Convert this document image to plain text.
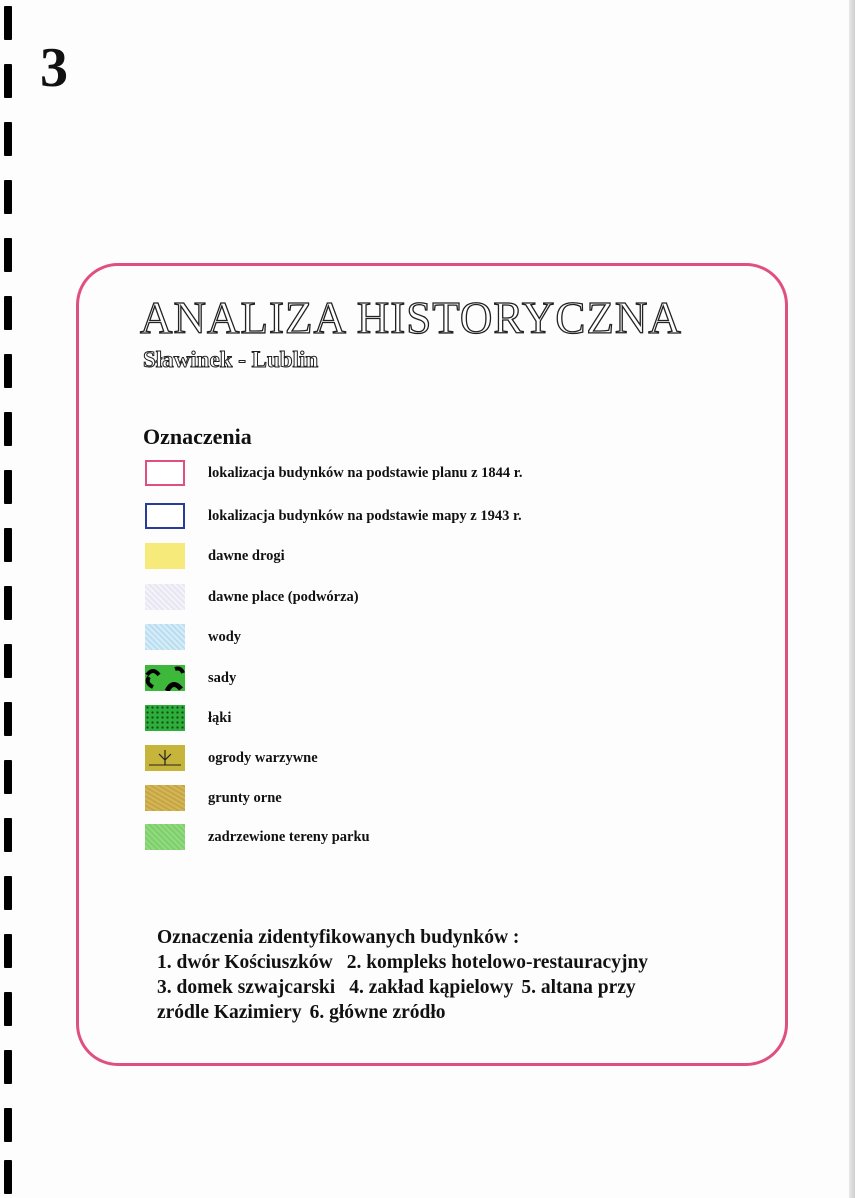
3
ANALIZA HISTORYCZNA
Sławinek - Lublin
Oznaczenia
lokalizacja budynków na podstawie planu z 1844 r.
lokalizacja budynków na podstawie mapy z 1943 r.
dawne drogi
dawne place (podwórza)
wody
sady
łąki
ogrody warzywne
grunty orne
zadrzewione tereny parku
Oznaczenia zidentyfikowanych budynków :
1. dwór Kościuszków 2. kompleks hotelowo-restauracyjny
3. domek szwajcarski 4. zakład kąpielowy 5. altana przy
zródle Kazimiery 6. główne zródło
